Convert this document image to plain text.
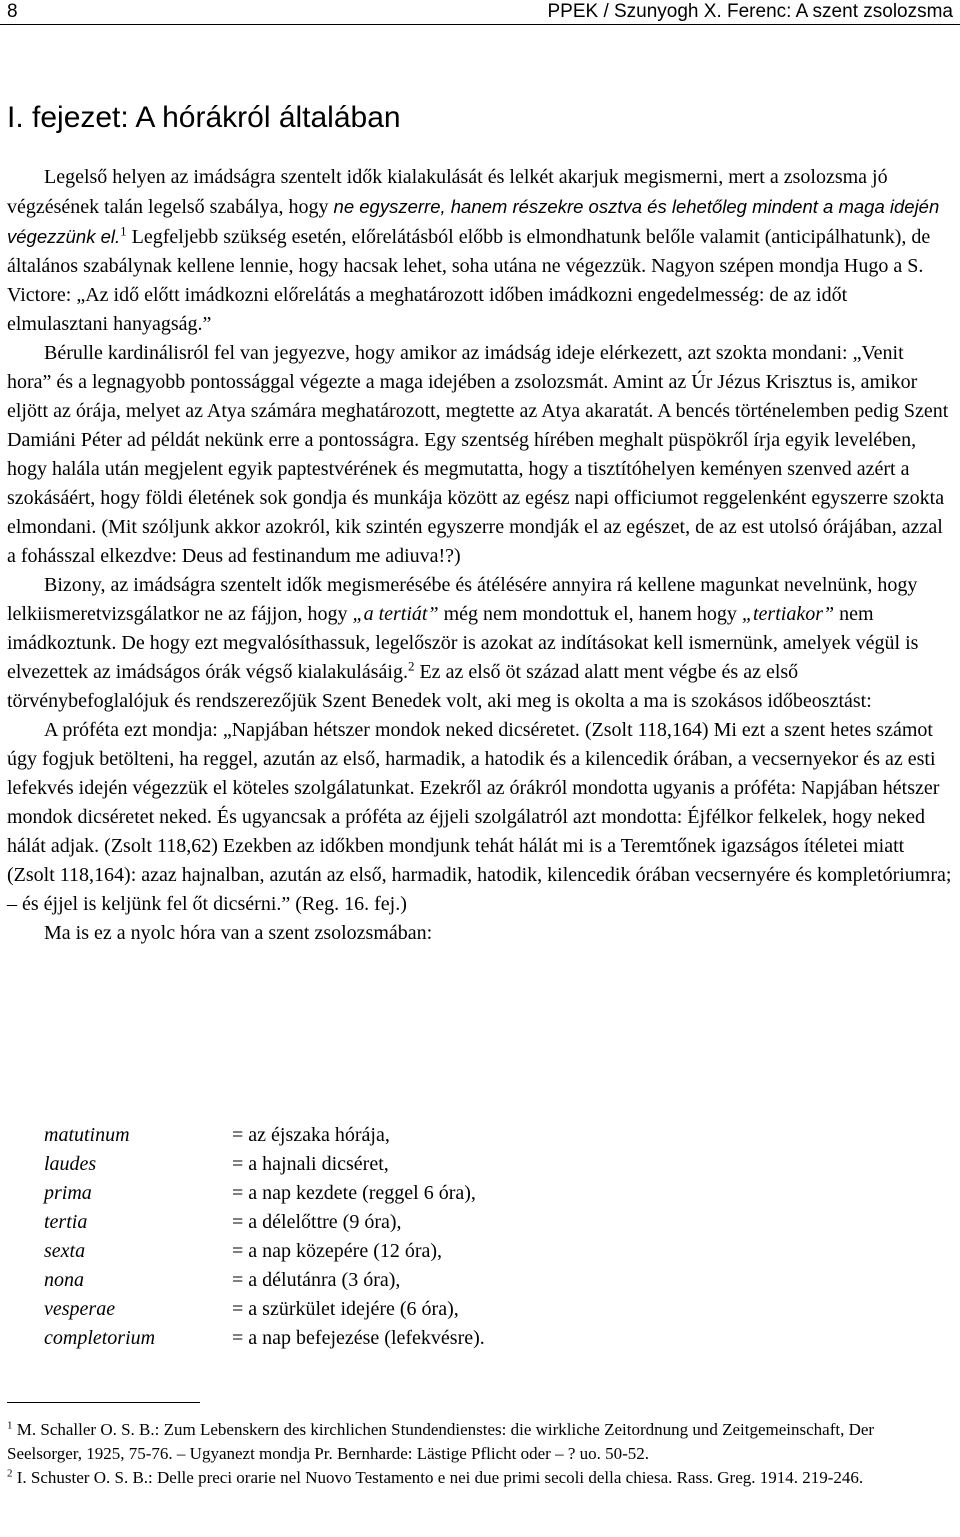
8	PPEK / Szunyogh X. Ferenc: A szent zsolozsma
I. fejezet: A hórákról általában

Legelső helyen az imádságra szentelt idők kialakulását és lelkét akarjuk megismerni, mert a zsolozsma jó végzésének talán legelső szabálya, hogy ne egyszerre, hanem részekre osztva és lehetőleg mindent a maga idején végezzünk el.$^1$ Legfeljebb szükség esetén, előrelátásból előbb is elmondhatunk belőle valamit (anticipálhatunk), de általános szabálynak kellene lennie, hogy hacsak lehet, soha utána ne végezzük. Nagyon szépen mondja Hugo a S. Victore: „Az idő előtt imádkozni előrelátás a meghatározott időben imádkozni engedelmesség: de az időt elmulasztani hanyagság.”

Bérulle kardinálisról fel van jegyezve, hogy amikor az imádság ideje elérkezett, azt szokta mondani: „Venit hora” és a legnagyobb pontossággal végezte a maga idejében a zsolozsmát. Amint az Úr Jézus Krisztus is, amikor eljött az órája, melyet az Atya számára meghatározott, megtette az Atya akaratát. A bencés történelemben pedig Szent Damiáni Péter ad példát nekünk erre a pontosságra. Egy szentség hírében meghalt püspökről írja egyik levelében, hogy halála után megjelent egyik paptestvérének és megmutatta, hogy a tisztítóhelyen keményen szenved azért a szokásáért, hogy földi életének sok gondja és munkája között az egész napi officiumot reggelenként egyszerre szokta elmondani. (Mit szóljunk akkor azokról, kik szintén egyszerre mondják el az egészet, de az est utolsó órájában, azzal a fohásszal elkezdve: Deus ad festinandum me adiuva!?)

Bizony, az imádságra szentelt idők megismerésébe és átélésére annyira rá kellene magunkat nevelnünk, hogy lelkiismeretvizsgálatkor ne az fájjon, hogy „a tertiát” még nem mondottuk el, hanem hogy „tertiakor” nem imádkoztunk. De hogy ezt megvalósíthassuk, legelőször is azokat az indításokat kell ismernünk, amelyek végül is elvezettek az imádságos órák végső kialakulásáig.$^2$ Ez az első öt század alatt ment végbe és az első törvénybefoglalójuk és rendszerezőjük Szent Benedek volt, aki meg is okolta a ma is szokásos időbeosztást:

A próféta ezt mondja: „Napjában hétszer mondok neked dicséretet. (Zsolt 118,164) Mi ezt a szent hetes számot úgy fogjuk betölteni, ha reggel, azután az első, harmadik, a hatodik és a kilencedik órában, a vecsernyekor és az esti lefekvés idején végezzük el köteles szolgálatunkat. Ezekről az órákról mondotta ugyanis a próféta: Napjában hétszer mondok dicséretet neked. És ugyancsak a próféta az éjjeli szolgálatról azt mondotta: Éjfélkor felkelek, hogy neked hálát adjak. (Zsolt 118,62) Ezekben az időkben mondjunk tehát hálát mi is a Teremtőnek igazságos ítéletei miatt (Zsolt 118,164): azaz hajnalban, azután az első, harmadik, hatodik, kilencedik órában vecsernyére és kompletóriumra; – és éjjel is keljünk fel őt dicsérni.” (Reg. 16. fej.)

Ma is ez a nyolc hóra van a szent zsolozsmában:

matutinum	= az éjszaka hórája,
laudes	= a hajnali dicséret,
prima	= a nap kezdete (reggel 6 óra),
tertia	= a délelőttre (9 óra),
sexta	= a nap közepére (12 óra),
nona	= a délutánra (3 óra),
vesperae	= a szürkület idejére (6 óra),
completorium	= a nap befejezése (lefekvésre).

$^1$ M. Schaller O. S. B.: Zum Lebenskern des kirchlichen Stundendienstes: die wirkliche Zeitordnung und Zeitgemeinschaft, Der Seelsorger, 1925, 75-76. – Ugyanezt mondja Pr. Bernharde: Lästige Pflicht oder – ? uo. 50-52.

$^2$ I. Schuster O. S. B.: Delle preci orarie nel Nuovo Testamento e nei due primi secoli della chiesa. Rass. Greg. 1914. 219-246.
